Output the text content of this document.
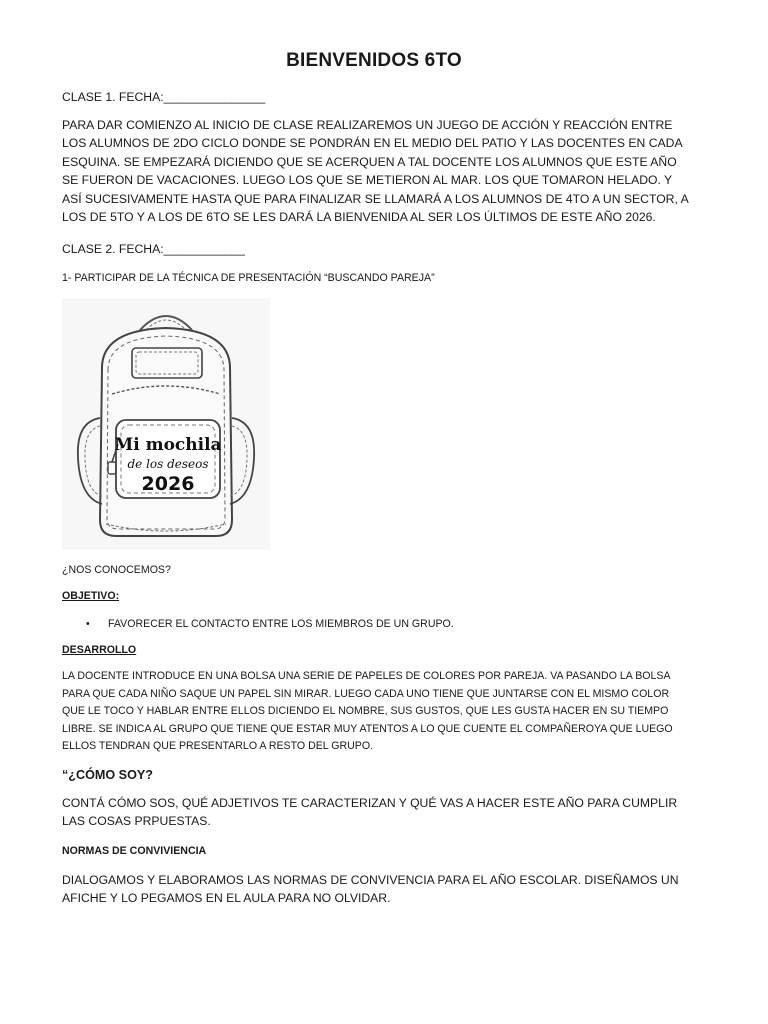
BIENVENIDOS 6TO
CLASE 1. FECHA:_______________
PARA DAR COMIENZO AL INICIO DE CLASE REALIZAREMOS UN JUEGO DE ACCIÓN Y REACCIÓN ENTRE LOS ALUMNOS DE 2DO CICLO DONDE SE PONDRÁN EN EL MEDIO DEL PATIO Y LAS DOCENTES EN CADA ESQUINA. SE EMPEZARÁ DICIENDO QUE SE ACERQUEN A TAL DOCENTE LOS ALUMNOS QUE ESTE AÑO SE FUERON DE VACACIONES. LUEGO LOS QUE SE METIERON AL MAR. LOS QUE TOMARON HELADO. Y ASÍ SUCESIVAMENTE HASTA QUE PARA FINALIZAR SE LLAMARÁ A LOS ALUMNOS DE 4TO A UN SECTOR, A LOS DE 5TO Y A LOS DE 6TO SE LES DARÁ LA BIENVENIDA AL SER LOS ÚLTIMOS DE ESTE AÑO 2026.
CLASE 2. FECHA:____________
1- PARTICIPAR DE LA TÉCNICA DE PRESENTACIÓN “BUSCANDO PAREJA”
Mi mochila
de los deseos
2026
¿NOS CONOCEMOS?
OBJETIVO:
• FAVORECER EL CONTACTO ENTRE LOS MIEMBROS DE UN GRUPO.
DESARROLLO
LA DOCENTE INTRODUCE EN UNA BOLSA UNA SERIE DE PAPELES DE COLORES POR PAREJA. VA PASANDO LA BOLSA PARA QUE CADA NIÑO SAQUE UN PAPEL SIN MIRAR. LUEGO CADA UNO TIENE QUE JUNTARSE CON EL MISMO COLOR QUE LE TOCO Y HABLAR ENTRE ELLOS DICIENDO EL NOMBRE, SUS GUSTOS, QUE LES GUSTA HACER EN SU TIEMPO LIBRE. SE INDICA AL GRUPO QUE TIENE QUE ESTAR MUY ATENTOS A LO QUE CUENTE EL COMPAÑEROYA QUE LUEGO ELLOS TENDRAN QUE PRESENTARLO A RESTO DEL GRUPO.
“¿CÓMO SOY?
CONTÁ CÓMO SOS, QUÉ ADJETIVOS TE CARACTERIZAN Y QUÉ VAS A HACER ESTE AÑO PARA CUMPLIR LAS COSAS PRPUESTAS.
NORMAS DE CONVIVIENCIA
DIALOGAMOS Y ELABORAMOS LAS NORMAS DE CONVIVENCIA PARA EL AÑO ESCOLAR. DISEÑAMOS UN AFICHE Y LO PEGAMOS EN EL AULA PARA NO OLVIDAR.
